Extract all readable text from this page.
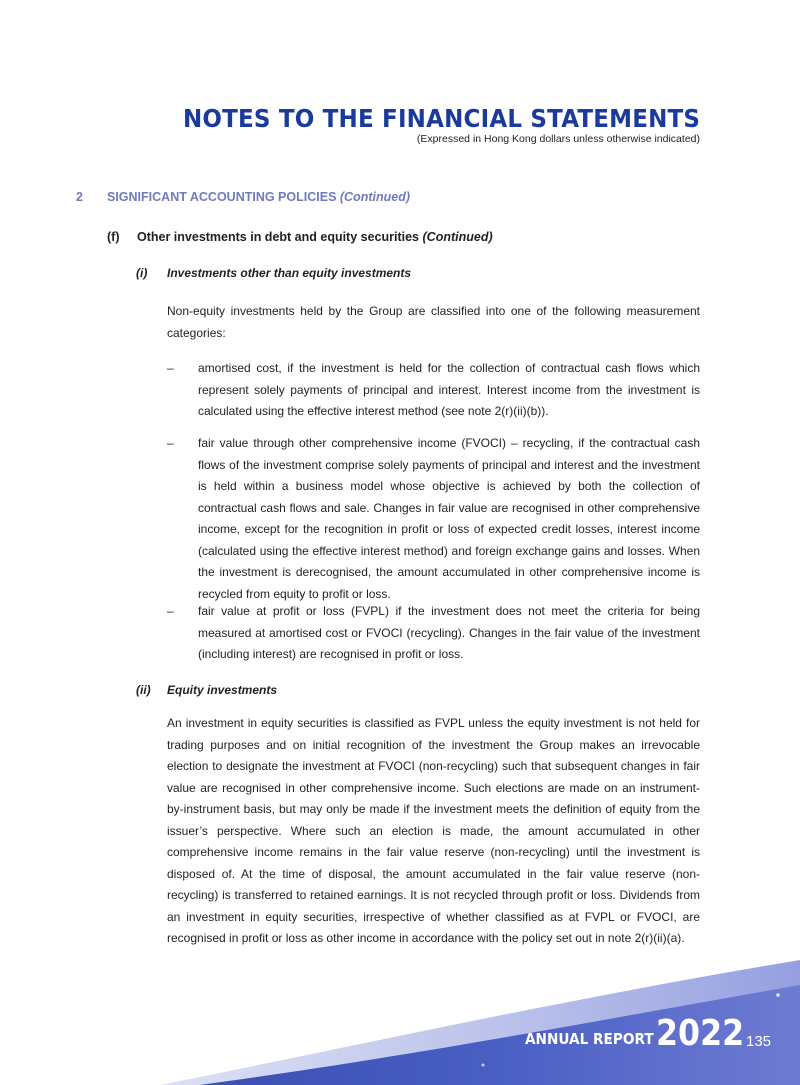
NOTES TO THE FINANCIAL STATEMENTS
(Expressed in Hong Kong dollars unless otherwise indicated)
2 SIGNIFICANT ACCOUNTING POLICIES (Continued)
(f) Other investments in debt and equity securities (Continued)
(i) Investments other than equity investments

Non-equity investments held by the Group are classified into one of the following measurement categories:

– amortised cost, if the investment is held for the collection of contractual cash flows which represent solely payments of principal and interest. Interest income from the investment is calculated using the effective interest method (see note 2(r)(ii)(b)).
– fair value through other comprehensive income (FVOCI) – recycling, if the contractual cash flows of the investment comprise solely payments of principal and interest and the investment is held within a business model whose objective is achieved by both the collection of contractual cash flows and sale. Changes in fair value are recognised in other comprehensive income, except for the recognition in profit or loss of expected credit losses, interest income (calculated using the effective interest method) and foreign exchange gains and losses. When the investment is derecognised, the amount accumulated in other comprehensive income is recycled from equity to profit or loss.
– fair value at profit or loss (FVPL) if the investment does not meet the criteria for being measured at amortised cost or FVOCI (recycling). Changes in the fair value of the investment (including interest) are recognised in profit or loss.
(ii) Equity investments

An investment in equity securities is classified as FVPL unless the equity investment is not held for trading purposes and on initial recognition of the investment the Group makes an irrevocable election to designate the investment at FVOCI (non-recycling) such that subsequent changes in fair value are recognised in other comprehensive income. Such elections are made on an instrument-by-instrument basis, but may only be made if the investment meets the definition of equity from the issuer’s perspective. Where such an election is made, the amount accumulated in other comprehensive income remains in the fair value reserve (non-recycling) until the investment is disposed of. At the time of disposal, the amount accumulated in the fair value reserve (non-recycling) is transferred to retained earnings. It is not recycled through profit or loss. Dividends from an investment in equity securities, irrespective of whether classified as at FVPL or FVOCI, are recognised in profit or loss as other income in accordance with the policy set out in note 2(r)(ii)(a).

ANNUAL REPORT 2022 135
